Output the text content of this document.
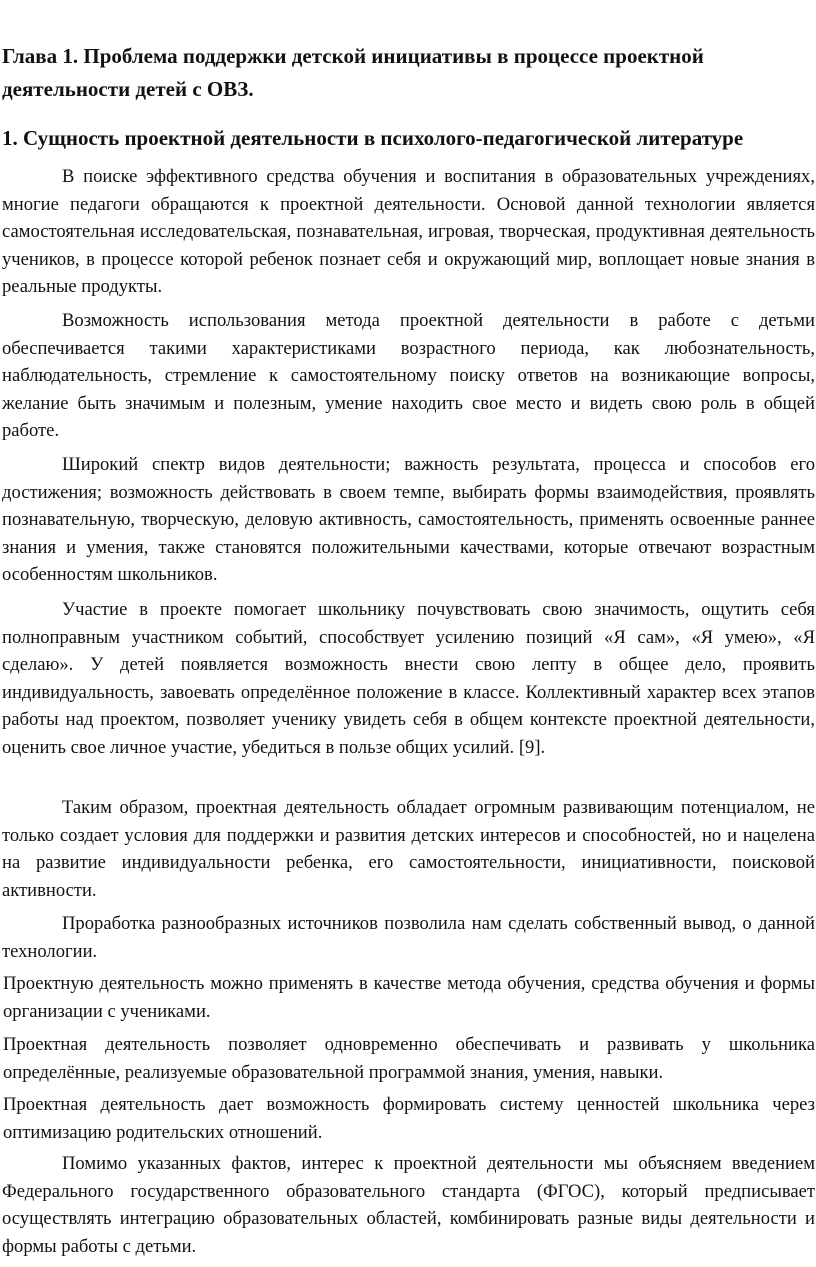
Глава 1. Проблема поддержки детской инициативы в процессе проектной деятельности детей с ОВЗ.
1. Сущность проектной деятельности в психолого-педагогической литературе

В поиске эффективного средства обучения и воспитания в образовательных учреждениях, многие педагоги обращаются к проектной деятельности. Основой данной технологии является самостоятельная исследовательская, познавательная, игровая, творческая, продуктивная деятельность учеников, в процессе которой ребенок познает себя и окружающий мир, воплощает новые знания в реальные продукты.

Возможность использования метода проектной деятельности в работе с детьми обеспечивается такими характеристиками возрастного периода, как любознательность, наблюдательность, стремление к самостоятельному поиску ответов на возникающие вопросы, желание быть значимым и полезным, умение находить свое место и видеть свою роль в общей работе.

Широкий спектр видов деятельности; важность результата, процесса и способов его достижения; возможность действовать в своем темпе, выбирать формы взаимодействия, проявлять познавательную, творческую, деловую активность, самостоятельность, применять освоенные раннее знания и умения, также становятся положительными качествами, которые отвечают возрастным особенностям школьников.

Участие в проекте помогает школьнику почувствовать свою значимость, ощутить себя полноправным участником событий, способствует усилению позиций «Я сам», «Я умею», «Я сделаю». У детей появляется возможность внести свою лепту в общее дело, проявить индивидуальность, завоевать определённое положение в классе. Коллективный характер всех этапов работы над проектом, позволяет ученику увидеть себя в общем контексте проектной деятельности, оценить свое личное участие, убедиться в пользе общих усилий. [9].

Таким образом, проектная деятельность обладает огромным развивающим потенциалом, не только создает условия для поддержки и развития детских интересов и способностей, но и нацелена на развитие индивидуальности ребенка, его самостоятельности, инициативности, поисковой активности.

Проработка разнообразных источников позволила нам сделать собственный вывод, о данной технологии.

Проектную деятельность можно применять в качестве метода обучения, средства обучения и формы организации с учениками.

Проектная деятельность позволяет одновременно обеспечивать и развивать у школьника определённые, реализуемые образовательной программой знания, умения, навыки.

Проектная деятельность дает возможность формировать систему ценностей школьника через оптимизацию родительских отношений.

Помимо указанных фактов, интерес к проектной деятельности мы объясняем введением Федерального государственного образовательного стандарта (ФГОС), который предписывает осуществлять интеграцию образовательных областей, комбинировать разные виды деятельности и формы работы с детьми.
